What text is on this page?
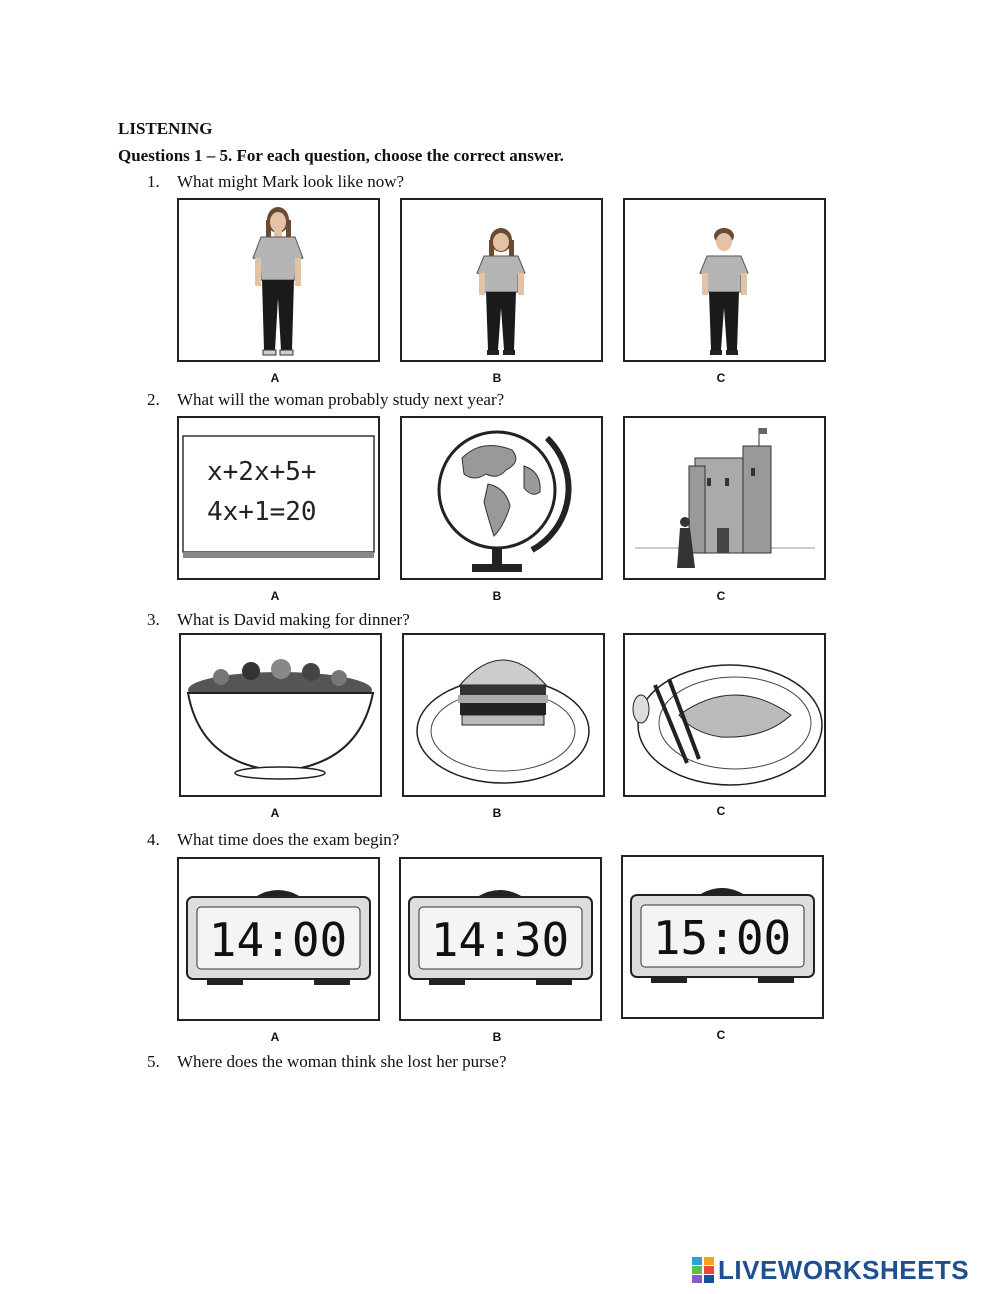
LISTENING
Questions 1 – 5. For each question, choose the correct answer.
1. What might Mark look like now?
A	B	C
2. What will the woman probably study next year?
x+2x+5+
4x+1=20
A	B	C
3. What is David making for dinner?
A	B	C
4. What time does the exam begin?
14:00 14:30 15:00
A	B	C
5. Where does the woman think she lost her purse?
LIVEWORKSHEETS
